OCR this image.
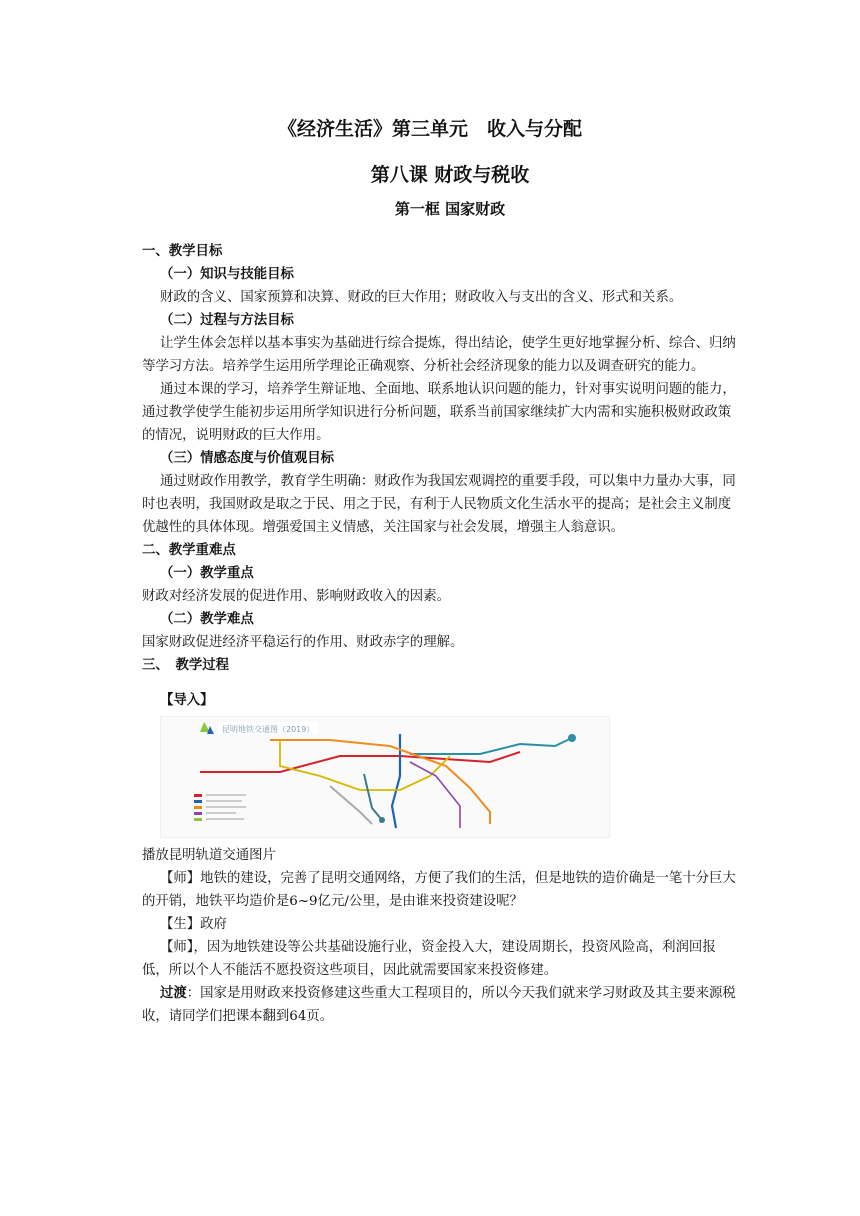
《经济生活》第三单元　收入与分配
第八课 财政与税收
第一框 国家财政

一、教学目标

（一）知识与技能目标

财政的含义、国家预算和决算、财政的巨大作用；财政收入与支出的含义、形式和关系。

（二）过程与方法目标

让学生体会怎样以基本事实为基础进行综合提炼，得出结论，使学生更好地掌握分析、综合、归纳等学习方法。培养学生运用所学理论正确观察、分析社会经济现象的能力以及调查研究的能力。

通过本课的学习，培养学生辩证地、全面地、联系地认识问题的能力，针对事实说明问题的能力，通过教学使学生能初步运用所学知识进行分析问题，联系当前国家继续扩大内需和实施积极财政政策的情况，说明财政的巨大作用。

（三）情感态度与价值观目标

通过财政作用教学，教育学生明确：财政作为我国宏观调控的重要手段，可以集中力量办大事，同时也表明，我国财政是取之于民、用之于民，有利于人民物质文化生活水平的提高；是社会主义制度优越性的具体体现。增强爱国主义情感，关注国家与社会发展，增强主人翁意识。

二、教学重难点

（一）教学重点

财政对经济发展的促进作用、影响财政收入的因素。

（二）教学难点

国家财政促进经济平稳运行的作用、财政赤字的理解。

三、　教学过程

【导入】

昆明地铁交通图（2019）

播放昆明轨道交通图片

【师】地铁的建设，完善了昆明交通网络，方便了我们的生活，但是地铁的造价确是一笔十分巨大的开销，地铁平均造价是6~9亿元/公里，是由谁来投资建设呢？

【生】政府

【师】，因为地铁建设等公共基础设施行业，资金投入大，建设周期长，投资风险高，利润回报低，所以个人不能活不愿投资这些项目，因此就需要国家来投资修建。

过渡：国家是用财政来投资修建这些重大工程项目的，所以今天我们就来学习财政及其主要来源税收，请同学们把课本翻到64页。
